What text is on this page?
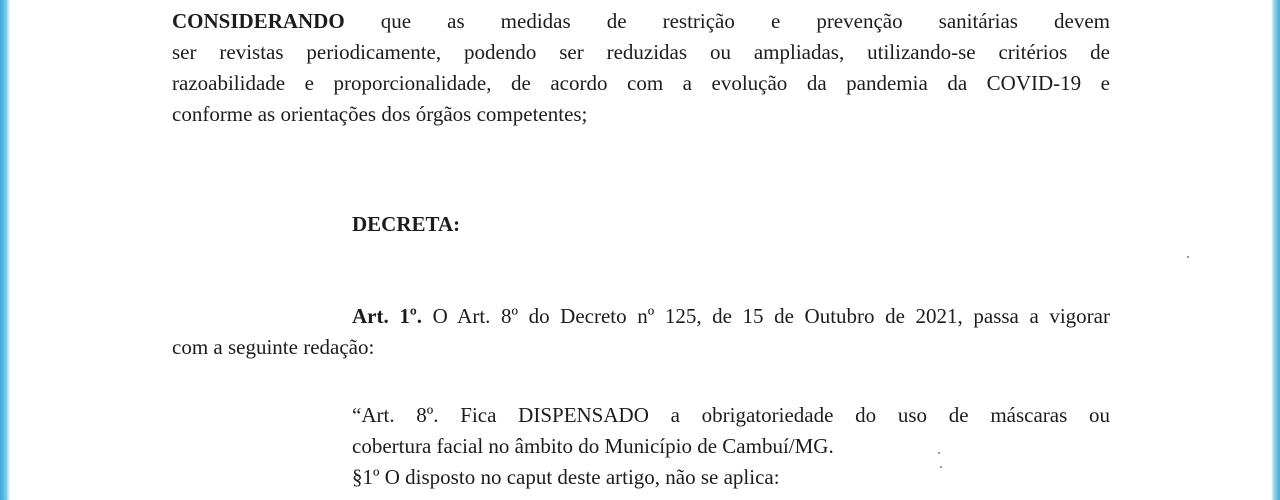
CONSIDERANDO que as medidas de restrição e prevenção sanitárias devem
ser revistas periodicamente, podendo ser reduzidas ou ampliadas, utilizando-se critérios de
razoabilidade e proporcionalidade, de acordo com a evolução da pandemia da COVID-19 e
conforme as orientações dos órgãos competentes;
DECRETA:
Art. 1º. O Art. 8º do Decreto nº 125, de 15 de Outubro de 2021, passa a vigorar
com a seguinte redação:
“Art. 8º. Fica DISPENSADO a obrigatoriedade do uso de máscaras ou
cobertura facial no âmbito do Município de Cambuí/MG.
§1º O disposto no caput deste artigo, não se aplica:
